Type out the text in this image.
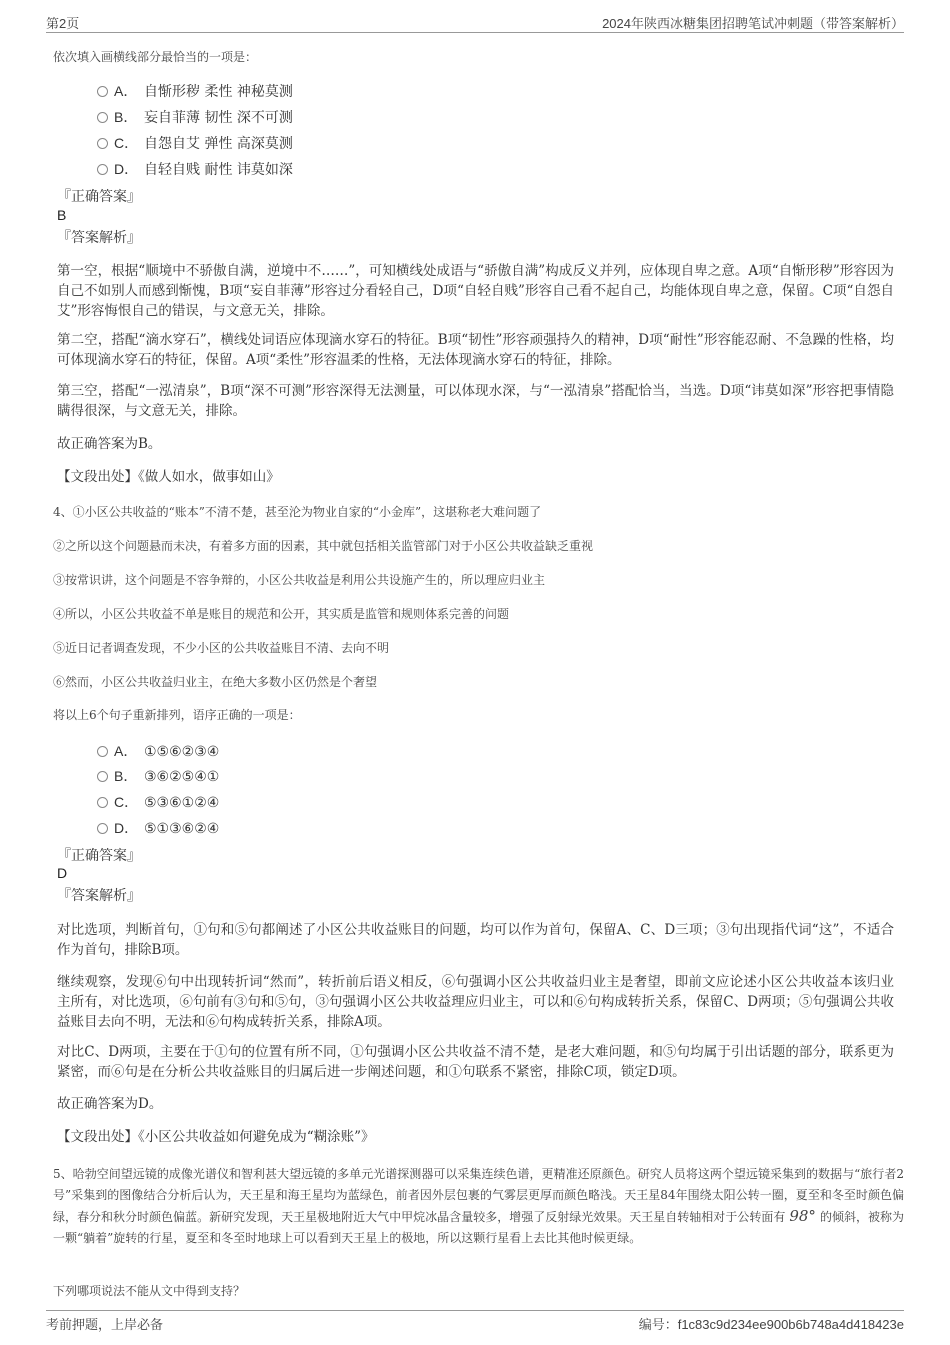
第2页	2024年陕西冰糖集团招聘笔试冲刺题（带答案解析）
依次填入画横线部分最恰当的一项是：
A． 自惭形秽 柔性 神秘莫测
B． 妄自菲薄 韧性 深不可测
C． 自怨自艾 弹性 高深莫测
D． 自轻自贱 耐性 讳莫如深
『正确答案』
B
『答案解析』
第一空，根据“顺境中不骄傲自满，逆境中不……”，可知横线处成语与“骄傲自满”构成反义并列，应体现自卑之意。A项“自惭形秽”形容因为自己不如别人而感到惭愧，B项“妄自菲薄”形容过分看轻自己，D项“自轻自贱”形容自己看不起自己，均能体现自卑之意，保留。C项“自怨自艾”形容悔恨自己的错误，与文意无关，排除。
第二空，搭配“滴水穿石”，横线处词语应体现滴水穿石的特征。B项“韧性”形容顽强持久的精神，D项“耐性”形容能忍耐、不急躁的性格，均可体现滴水穿石的特征，保留。A项“柔性”形容温柔的性格，无法体现滴水穿石的特征，排除。
第三空，搭配“一泓清泉”，B项“深不可测”形容深得无法测量，可以体现水深，与“一泓清泉”搭配恰当，当选。D项“讳莫如深”形容把事情隐瞒得很深，与文意无关，排除。
故正确答案为B。
【文段出处】《做人如水，做事如山》
4、①小区公共收益的“账本”不清不楚，甚至沦为物业自家的“小金库”，这堪称老大难问题了
②之所以这个问题悬而未决，有着多方面的因素，其中就包括相关监管部门对于小区公共收益缺乏重视
③按常识讲，这个问题是不容争辩的，小区公共收益是利用公共设施产生的，所以理应归业主
④所以，小区公共收益不单是账目的规范和公开，其实质是监管和规则体系完善的问题
⑤近日记者调查发现，不少小区的公共收益账目不清、去向不明
⑥然而，小区公共收益归业主，在绝大多数小区仍然是个奢望
将以上6个句子重新排列，语序正确的一项是：
A． ①⑤⑥②③④
B． ③⑥②⑤④①
C． ⑤③⑥①②④
D． ⑤①③⑥②④
『正确答案』
D
『答案解析』
对比选项，判断首句，①句和⑤句都阐述了小区公共收益账目的问题，均可以作为首句，保留A、C、D三项；③句出现指代词“这”，不适合作为首句，排除B项。
继续观察，发现⑥句中出现转折词“然而”，转折前后语义相反，⑥句强调小区公共收益归业主是奢望，即前文应论述小区公共收益本该归业主所有，对比选项，⑥句前有③句和⑤句，③句强调小区公共收益理应归业主，可以和⑥句构成转折关系，保留C、D两项；⑤句强调公共收益账目去向不明，无法和⑥句构成转折关系，排除A项。
对比C、D两项，主要在于①句的位置有所不同，①句强调小区公共收益不清不楚，是老大难问题，和⑤句均属于引出话题的部分，联系更为紧密，而⑥句是在分析公共收益账目的归属后进一步阐述问题，和①句联系不紧密，排除C项，锁定D项。
故正确答案为D。
【文段出处】《小区公共收益如何避免成为“糊涂账”》
5、哈勃空间望远镜的成像光谱仪和智利甚大望远镜的多单元光谱探测器可以采集连续色谱，更精准还原颜色。研究人员将这两个望远镜采集到的数据与“旅行者2号”采集到的图像结合分析后认为，天王星和海王星均为蓝绿色，前者因外层包裹的气雾层更厚而颜色略浅。天王星84年围绕太阳公转一圈，夏至和冬至时颜色偏绿，春分和秋分时颜色偏蓝。新研究发现，天王星极地附近大气中甲烷冰晶含量较多，增强了反射绿光效果。天王星自转轴相对于公转面有 98° 的倾斜，被称为一颗“躺着”旋转的行星，夏至和冬至时地球上可以看到天王星上的极地，所以这颗行星看上去比其他时候更绿。
下列哪项说法不能从文中得到支持？
考前押题，上岸必备	编号：f1c83c9d234ee900b6b748a4d418423e
